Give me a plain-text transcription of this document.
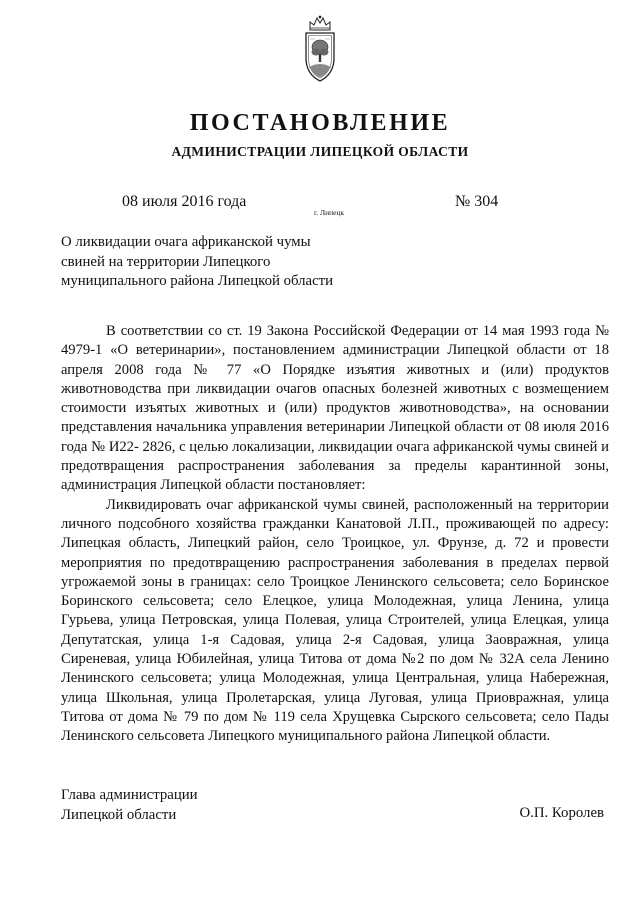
ПОСТАНОВЛЕНИЕ
АДМИНИСТРАЦИИ ЛИПЕЦКОЙ ОБЛАСТИ
08 июля 2016 года
г. Липецк
№ 304
О ликвидации очага африканской чумы
свиней на территории Липецкого
муниципального района Липецкой области

В соответствии со ст. 19 Закона Российской Федерации от 14 мая 1993 года № 4979-1 «О ветеринарии», постановлением администрации Липецкой области от 18 апреля 2008 года № 77 «О Порядке изъятия животных и (или) продуктов животноводства при ликвидации очагов опасных болезней животных с возмещением стоимости изъятых животных и (или) продуктов животноводства», на основании представления начальника управления ветеринарии Липецкой области от 08 июля 2016 года № И22- 2826, с целью локализации, ликвидации очага африканской чумы свиней и предотвращения распространения заболевания за пределы карантинной зоны, администрация Липецкой области постановляет:

Ликвидировать очаг африканской чумы свиней, расположенный на территории личного подсобного хозяйства гражданки Канатовой Л.П., проживающей по адресу: Липецкая область, Липецкий район, село Троицкое, ул. Фрунзе, д. 72 и провести мероприятия по предотвращению распространения заболевания в пределах первой угрожаемой зоны в границах: село Троицкое Ленинского сельсовета; село Боринское Боринского сельсовета; село Елецкое, улица Молодежная, улица Ленина, улица Гурьева, улица Петровская, улица Полевая, улица Строителей, улица Елецкая, улица Депутатская, улица 1-я Садовая, улица 2-я Садовая, улица Заовражная, улица Сиреневая, улица Юбилейная, улица Титова от дома №2 по дом № 32А села Ленино Ленинского сельсовета; улица Молодежная, улица Центральная, улица Набережная, улица Школьная, улица Пролетарская, улица Луговая, улица Приовражная, улица Титова от дома № 79 по дом № 119 села Хрущевка Сырского сельсовета; село Пады Ленинского сельсовета Липецкого муниципального района Липецкой области.

Глава администрации
Липецкой области	О.П. Королев
